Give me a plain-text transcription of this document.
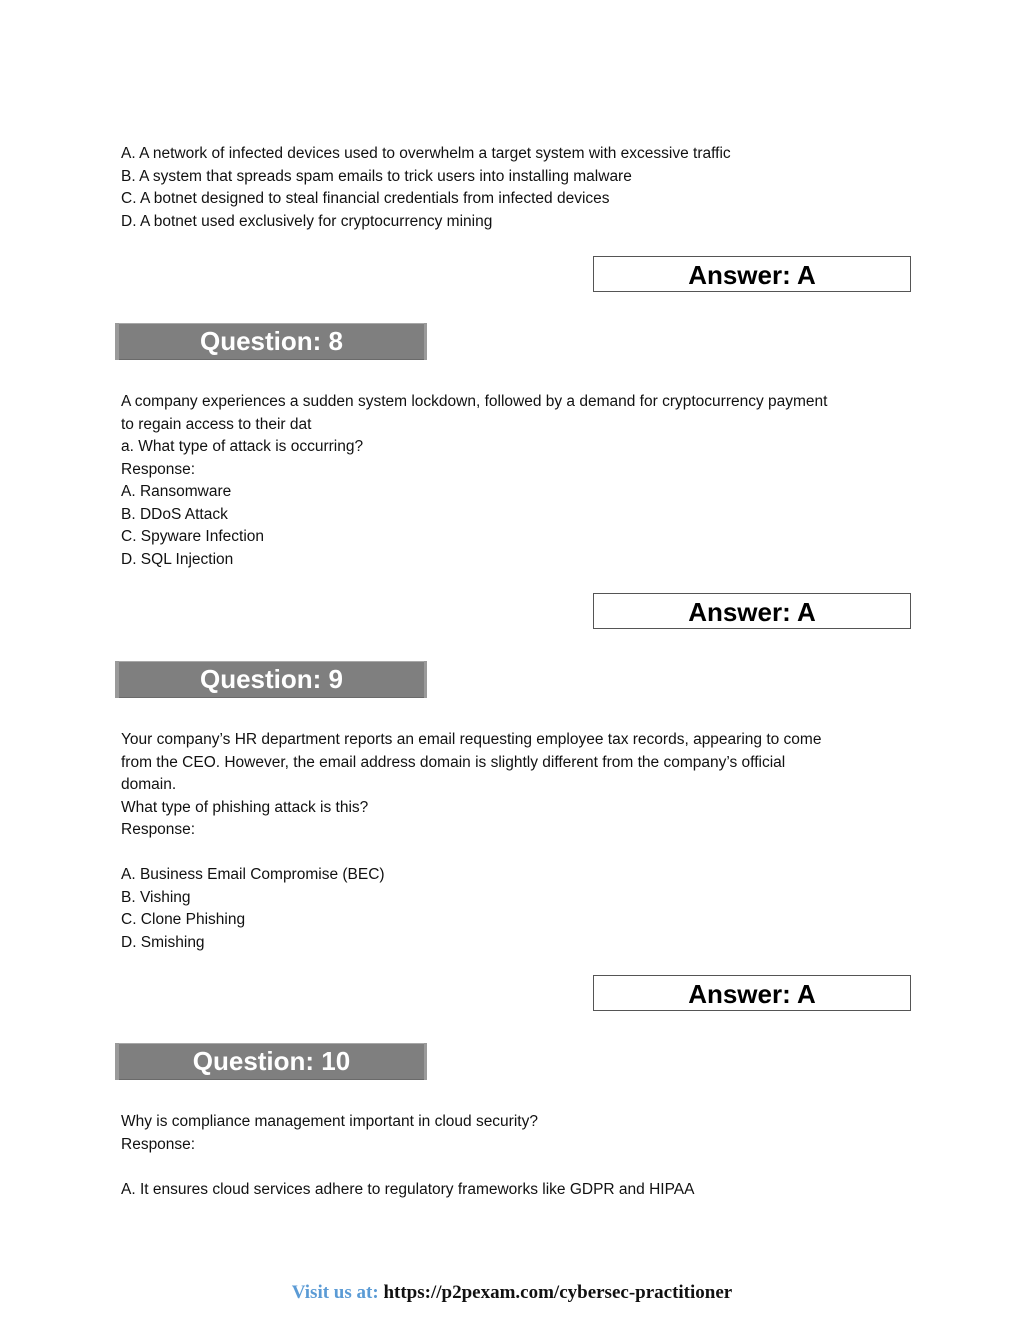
A. A network of infected devices used to overwhelm a target system with excessive traffic
B. A system that spreads spam emails to trick users into installing malware
C. A botnet designed to steal financial credentials from infected devices
D. A botnet used exclusively for cryptocurrency mining
Answer: A
Question: 8
A company experiences a sudden system lockdown, followed by a demand for cryptocurrency payment
to regain access to their dat
a. What type of attack is occurring?
Response:
A. Ransomware
B. DDoS Attack
C. Spyware Infection
D. SQL Injection
Answer: A
Question: 9
Your company’s HR department reports an email requesting employee tax records, appearing to come
from the CEO. However, the email address domain is slightly different from the company’s official
domain.
What type of phishing attack is this?
Response:
A. Business Email Compromise (BEC)
B. Vishing
C. Clone Phishing
D. Smishing
Answer: A
Question: 10
Why is compliance management important in cloud security?
Response:
A. It ensures cloud services adhere to regulatory frameworks like GDPR and HIPAA
Visit us at: https://p2pexam.com/cybersec-practitioner
